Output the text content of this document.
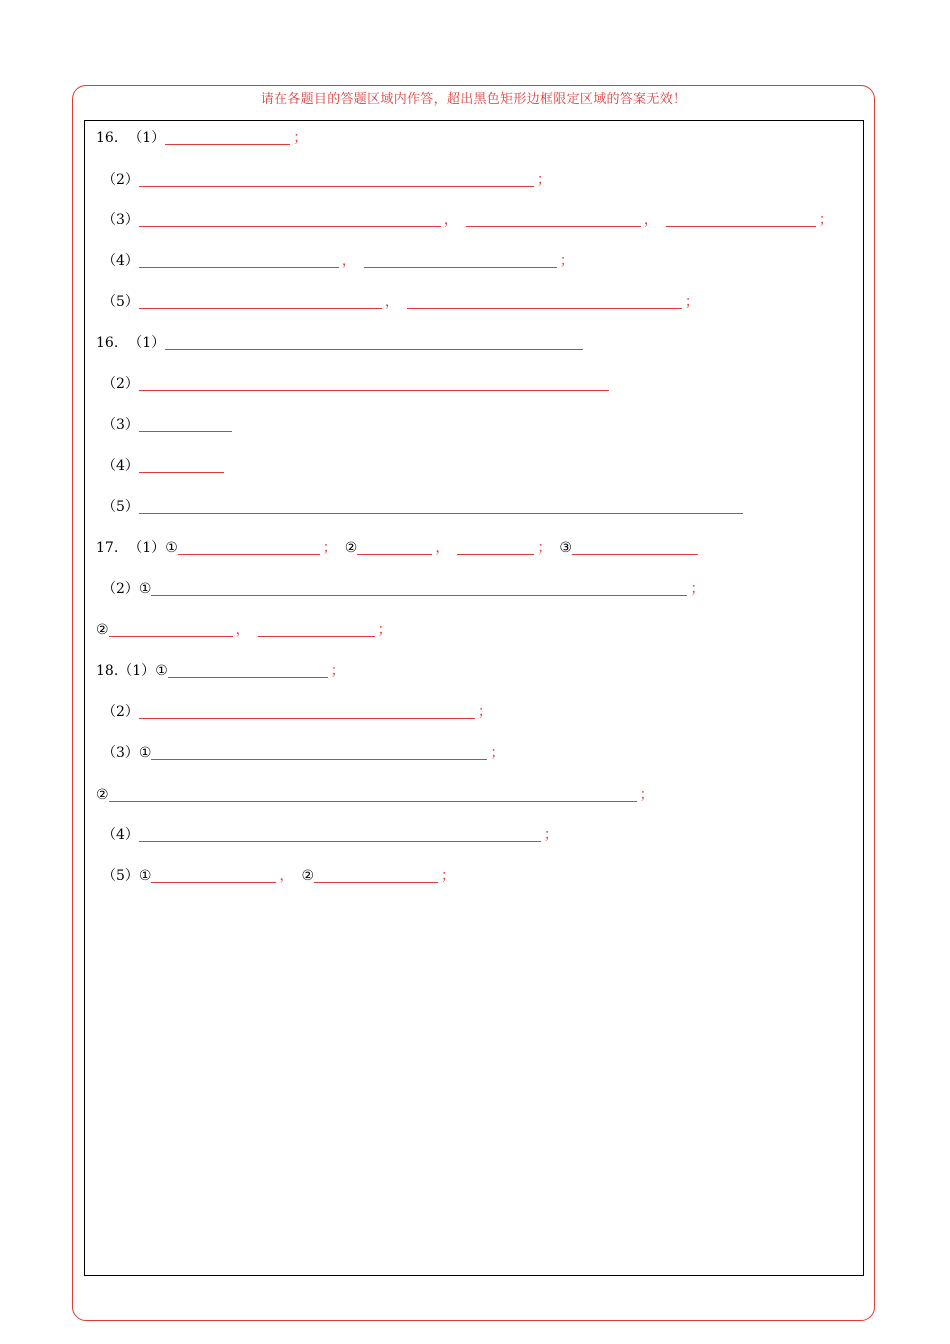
请在各题目的答题区域内作答，超出黑色矩形边框限定区域的答案无效！
16. （1）	；
（2）	；
（3）	，	，	；
（4）	，	；
（5）	，	；
16. （1）
（2）
（3）
（4）
（5）
17. （1） ①	； ②	，	； ③
（2） ①	；
②	，	；
18. （1） ①	；
（2）	；
（3） ①	；
②	；
（4）	；
（5） ①	， ②	；
